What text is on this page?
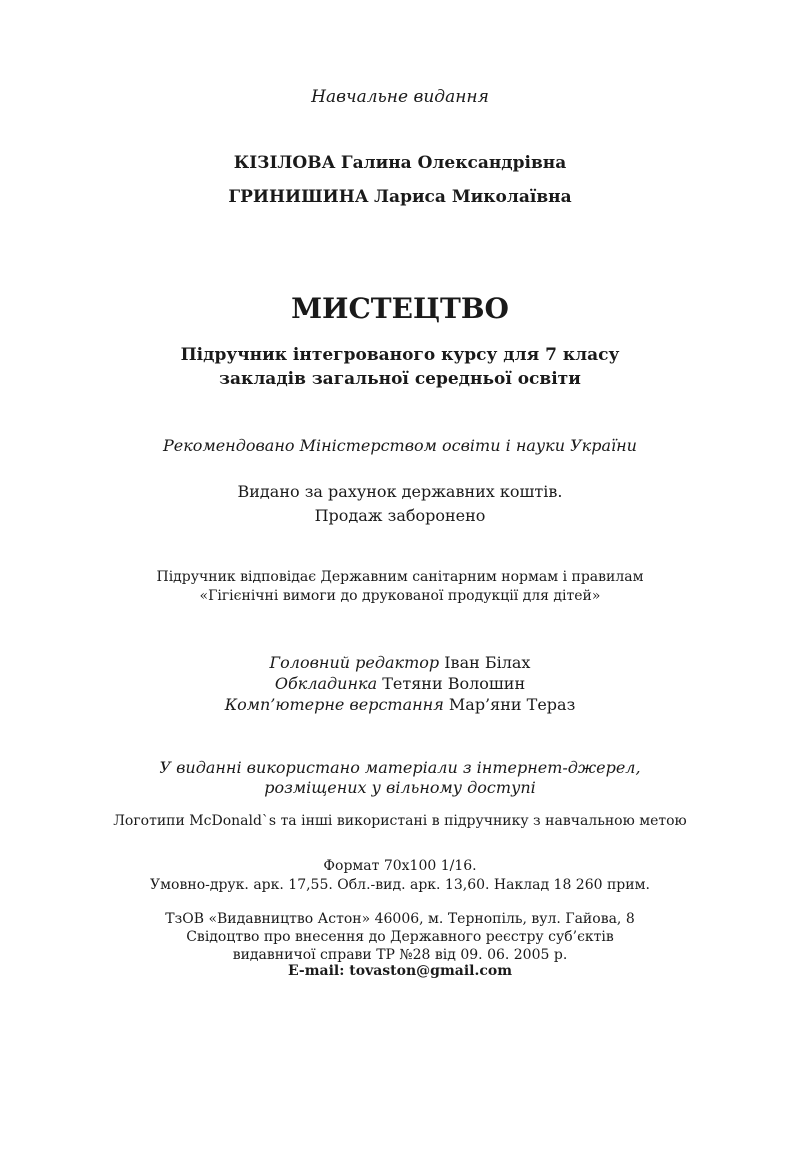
Навчальне видання
КІЗІЛОВА Галина Олександрівна
ГРИНИШИНА Лариса Миколаївна
МИСТЕЦТВО
Підручник інтегрованого курсу для 7 класу
закладів загальної середньої освіти
Рекомендовано Міністерством освіти і науки України
Видано за рахунок державних коштів.
Продаж заборонено
Підручник відповідає Державним санітарним нормам і правилам
«Гігієнічні вимоги до друкованої продукції для дітей»
Головний редактор Іван Білах
Обкладинка Тетяни Волошин
Комп’ютерне верстання Мар’яни Тераз
У виданні використано матеріали з інтернет-джерел,
розміщених у вільному доступі
Логотипи McDonald`s та інші використані в підручнику з навчальною метою
Формат 70x100 1/16.
Умовно-друк. арк. 17,55. Обл.-вид. арк. 13,60. Наклад 18 260 прим.
ТзОВ «Видавництво Астон» 46006, м. Тернопіль, вул. Гайова, 8
Свідоцтво про внесення до Державного реєстру суб’єктів
видавничої справи ТР №28 від 09. 06. 2005 р.
E-mail: tovaston@gmail.com
